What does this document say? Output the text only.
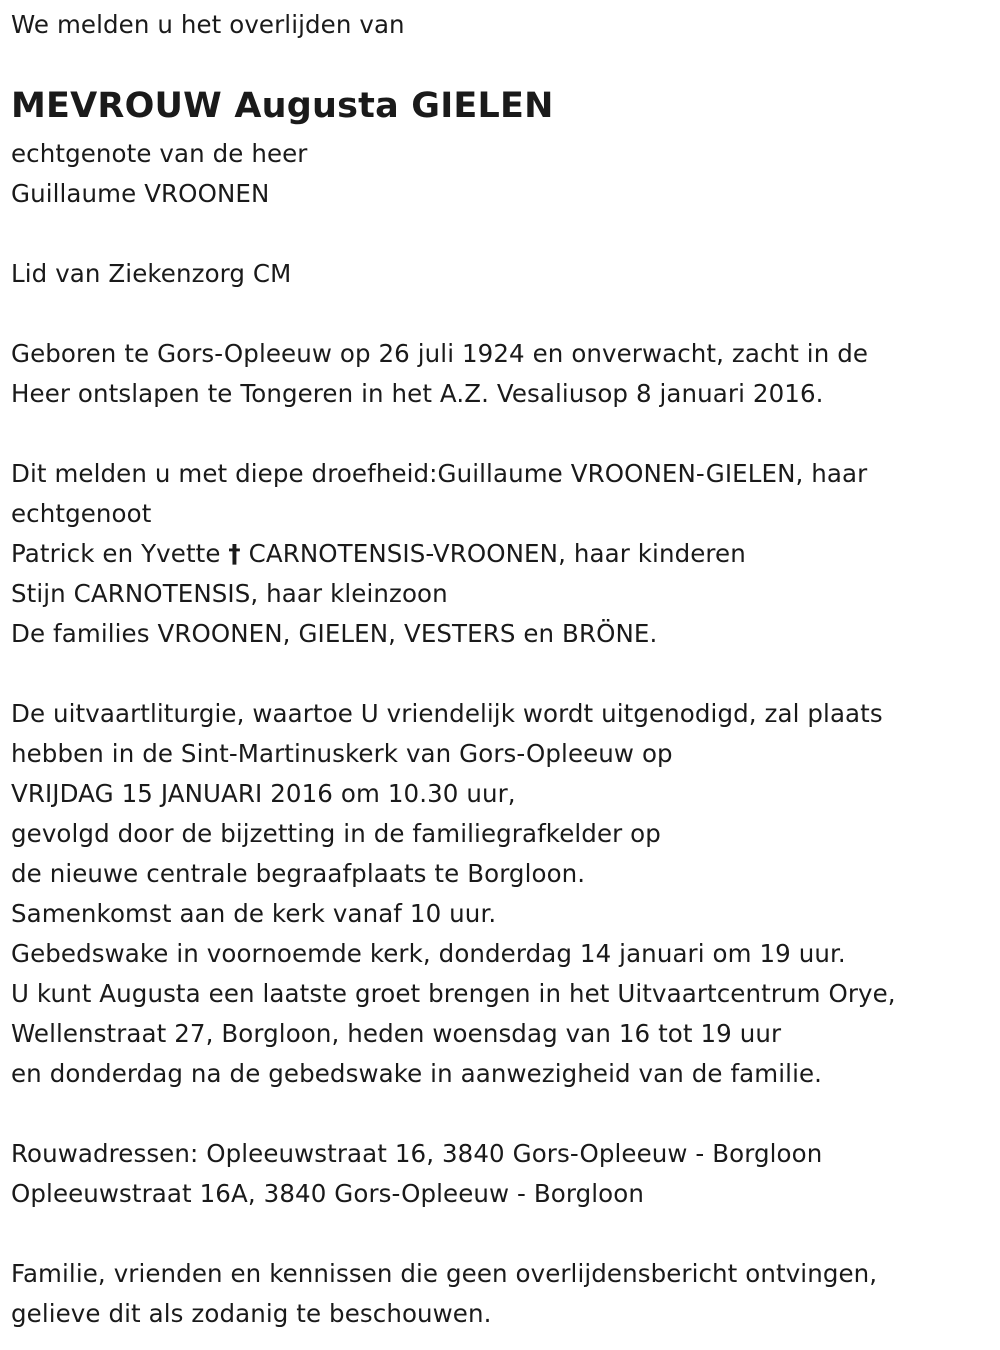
We melden u het overlijden van
MEVROUW Augusta GIELEN
echtgenote van de heer
Guillaume VROONEN
Lid van Ziekenzorg CM
Geboren te Gors-Opleeuw op 26 juli 1924 en onverwacht, zacht in de
Heer ontslapen te Tongeren in het A.Z. Vesaliusop 8 januari 2016.
Dit melden u met diepe droefheid:Guillaume VROONEN-GIELEN, haar
echtgenoot
Patrick en Yvette † CARNOTENSIS-VROONEN, haar kinderen
Stijn CARNOTENSIS, haar kleinzoon
De families VROONEN, GIELEN, VESTERS en BRÖNE.
De uitvaartliturgie, waartoe U vriendelijk wordt uitgenodigd, zal plaats
hebben in de Sint-Martinuskerk van Gors-Opleeuw op
VRIJDAG 15 JANUARI 2016 om 10.30 uur,
gevolgd door de bijzetting in de familiegrafkelder op
de nieuwe centrale begraafplaats te Borgloon.
Samenkomst aan de kerk vanaf 10 uur.
Gebedswake in voornoemde kerk, donderdag 14 januari om 19 uur.
U kunt Augusta een laatste groet brengen in het Uitvaartcentrum Orye,
Wellenstraat 27, Borgloon, heden woensdag van 16 tot 19 uur
en donderdag na de gebedswake in aanwezigheid van de familie.
Rouwadressen: Opleeuwstraat 16, 3840 Gors-Opleeuw - Borgloon
Opleeuwstraat 16A, 3840 Gors-Opleeuw - Borgloon
Familie, vrienden en kennissen die geen overlijdensbericht ontvingen,
gelieve dit als zodanig te beschouwen.
